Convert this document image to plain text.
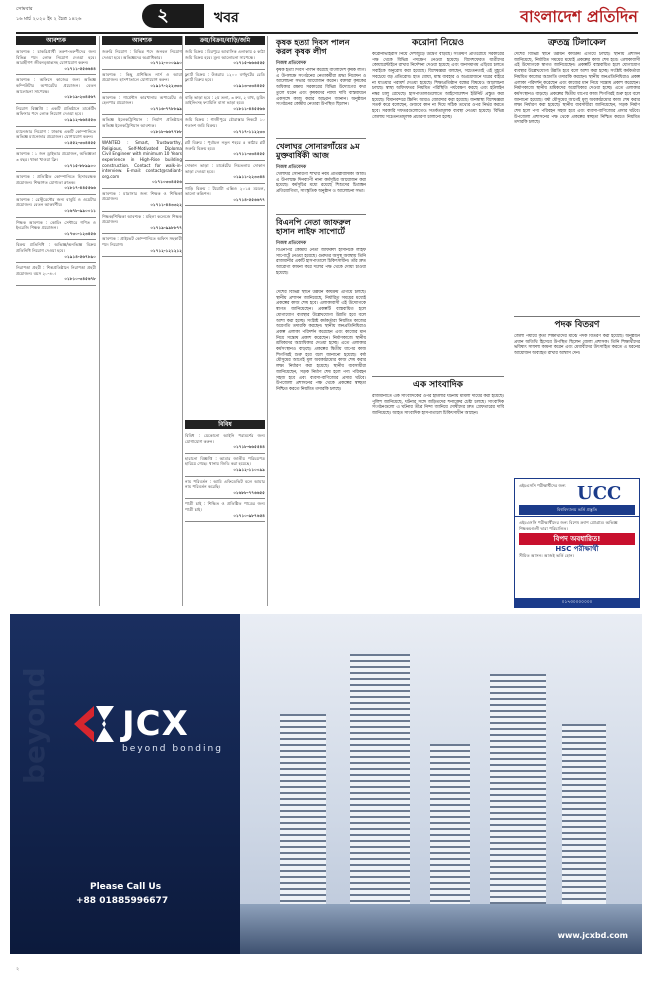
সোমবার
১৬ মার্চ ২০২০ ইং ২ চৈত্র ১৪২৬	২	খবর	বাংলাদেশ প্রতিদিন
আবশ্যক
আবশ্যক : চাকরিপ্রার্থী তরুণ-তরুণীদের জন্য বিভিন্ন পদে লোক নিয়োগ দেওয়া হবে। আগ্রহীগণ জীবনবৃত্তান্তসহ যোগাযোগ করুন।
০১৭১১-৫৫৬৬৪৪
আবশ্যক : অফিসে কাজের জন্য অভিজ্ঞ কম্পিউটার অপারেটর প্রয়োজন। বেতন আলোচনা সাপেক্ষে।
০১৮১৯-২৩৪৫৬৭
নিয়োগ বিজ্ঞপ্তি : একটি প্রতিষ্ঠানে মার্কেটিং অফিসার পদে লোক নিয়োগ দেওয়া হবে।
০১৯১২-৬৬৪৫৫৩
ম্যানেজার নিয়োগ : ঢাকাস্থ একটি কোম্পানিতে অভিজ্ঞ ম্যানেজার প্রয়োজন। যোগাযোগ করুন।
০১৫৫২-৩৩৪৪৫৫
আবশ্যক : ১ জন ড্রাইভার প্রয়োজন, অভিজ্ঞতা ৩ বছর। থাকা খাওয়া ফ্রি।
০১৭১৫-৮৮৯৯০০
আবশ্যক : প্রতিষ্ঠিত কোম্পানিতে হিসাবরক্ষক প্রয়োজন। শিক্ষাগত যোগ্যতা স্নাতক।
০১৮১৭-৪৪৫৫৬৬
আবশ্যক : রেস্টুরেন্টের জন্য বাবুর্চি ও ওয়েটার প্রয়োজন। বেতন আকর্ষণীয়।
০১৬৭৮-৯৯০০১১
শিক্ষক আবশ্যক : কোচিং সেন্টারে গণিত ও ইংরেজি শিক্ষক প্রয়োজন।
০১৭৩০-১২৩৪৫৬
বিক্রয় প্রতিনিধি : অভিজ্ঞ/অনভিজ্ঞ বিক্রয় প্রতিনিধি নিয়োগ দেওয়া হবে।
০১৯১৪-৫৬৭৮৯০
নিরাপত্তা প্রহরী : শিল্পপ্রতিষ্ঠানে নিরাপত্তা প্রহরী প্রয়োজন। বয়স ২০-৪০।
০১৮১০-৩৪৫৬৭৮
আবশ্যক
জরুরি নিয়োগ : বিভিন্ন পদে জনবল নিয়োগ দেওয়া হবে। অভিজ্ঞদের অগ্রাধিকার।
০১৭১২-০০০৯৯০
আবশ্যক : কিছু প্রশিক্ষিত নার্স ও আয়া প্রয়োজন। হাসপাতালে যোগাযোগ করুন।
০১৯১৭-২২২৩৩৩
আবশ্যক : গার্মেন্টস কারখানায় অপারেটর ও হেলপার প্রয়োজন।
০১৭১৬-৭৭৮৮৯৯
অভিজ্ঞ ইলেকট্রিশিয়ান : নির্মাণ প্রতিষ্ঠানে অভিজ্ঞ ইলেকট্রিশিয়ান আবশ্যক।
০১৮১৮-৬৬৭৭৮৮
WANTED : Smart, Trustworthy, Religious, Self-Motivated Diploma Civil Engineer with minimum 10 Years experience in High-Rise building construction. Contact for walk-in-interview. E-mail: contact@radiant-org.com
০১৭১০৩৩৪৫৫৬
আবশ্যক : মাদ্রাসার জন্য শিক্ষক ও শিক্ষিকা প্রয়োজন।
০১৭১১-৪৪৩৩২২
শিক্ষক/শিক্ষিকা আবশ্যক : মহিলা কলেজে শিক্ষক প্রয়োজন।
০১৭১৯-৯৯৮৮৭৭
আবশ্যক : প্রাইভেট কোম্পানিতে অফিস সহকারী পদে নিয়োগ।
০১৭১২-১২১২১২
ক্রয়/বিক্রয়/বাড়ি/জমি
জমি বিক্রয় : মিরপুরে আবাসিক এলাকায় ৫ কাঠা জমি বিক্রয় হবে। মূল্য আলোচনা সাপেক্ষে।
০১৭১৫-৬৬৬৫৫৫
ফ্ল্যাট বিক্রয় : উত্তরায় ১২০০ বর্গফুটের রেডি ফ্ল্যাট বিক্রয় হবে।
০১৯১৩-৩৩৪৪৫৫
বাড়ি ভাড়া হবে : ২য় তলা, ৩ রুম, ২ বাথ, ড্রয়িং ডাইনিংসহ ফ্যামিলি বাসা ভাড়া হবে।
০১৮১১-৪৪৫৫৬৬
জমি বিক্রয় : গাজীপুরে চৌরাস্তার নিকটে ১০ শতাংশ জমি বিক্রয়।
০১৭১৭-১১২২৩৩
প্লট বিক্রয় : পূর্বাচল নতুন শহরে ৫ কাঠার প্লট জরুরি বিক্রয় হবে।
০১৭১১-৩৩৪৪৫৫
দোকান ভাড়া : মার্কেটের নিচতলায় দোকান ভাড়া দেওয়া হবে।
০১৯১১-২২৩৩৪৪
গাড়ি বিক্রয় : টয়োটা এক্সিও ২০১৫ মডেল, ভালো কন্ডিশন।
০১৭১৪-৫৫৬৬৭৭
বিবিধ
বিবিধ : যেকোনো আইনি পরামর্শের জন্য যোগাযোগ করুন।
০১৭১৮-৬৬৫৫৪৪
হারানো বিজ্ঞপ্তি : আমার জাতীয় পরিচয়পত্র হারিয়ে গেছে। থানায় জিডি করা হয়েছে।
০১৯১২-১১০০৯৯
নাম পরিবর্তন : আমি এফিডেভিট বলে আমার নাম পরিবর্তন করেছি।
০১৬৮৮-৭৭৬৬৫৫
পাত্রী চাই : শিক্ষিত ও প্রতিষ্ঠিত পাত্রের জন্য পাত্রী চাই।
০১৭১০-৯৮৭৬৫৪
কৃষক হত্যা দিবস পালন করল কৃষক লীগ
নিজস্ব প্রতিবেদক
কৃষক হত্যা দিবস পালন করেছে বাংলাদেশ কৃষক লীগ। এ উপলক্ষে সংগঠনের নেতাকর্মীরা শ্রদ্ধা নিবেদন ও আলোচনা সভার আয়োজন করেন। বক্তারা কৃষকের অধিকার রক্ষায় সরকারের বিভিন্ন উদ্যোগের কথা তুলে ধরেন এবং কৃষকদের ন্যায্য দাবি বাস্তবায়নে একসঙ্গে কাজ করার আহ্বান জানান। অনুষ্ঠানে সংগঠনের কেন্দ্রীয় নেতারা উপস্থিত ছিলেন।
খেলাঘর সোনারগাঁয়ের ৯ম মুক্তবার্ষিকী আজ
নিজস্ব প্রতিবেদক
খেলাঘর সোনারগাঁ শাখার নবম প্রতিষ্ঠাবার্ষিকী আজ। এ উপলক্ষে দিনব্যাপী নানা কর্মসূচির আয়োজন করা হয়েছে। কর্মসূচির মধ্যে রয়েছে শিশুদের চিত্রাঙ্কন প্রতিযোগিতা, সাংস্কৃতিক অনুষ্ঠান ও আলোচনা সভা।
বিএনপি নেতা জাফরুল হাসান লাইফ সাপোর্টে
নিজস্ব প্রতিবেদক
বিএনপির কেন্দ্রীয় নেতা জাফরুল হাসানকে লাইফ সাপোর্টে নেওয়া হয়েছে। গুরুতর অসুস্থ অবস্থায় তিনি রাজধানীর একটি হাসপাতালে চিকিৎসাধীন। তাঁর দ্রুত আরোগ্য কামনা করে দলের পক্ষ থেকে দোয়া চাওয়া হয়েছে।
দেশের বিভিন্ন স্থানে উন্নয়ন কার্যক্রম এগিয়ে চলছে। স্থানীয় প্রশাসন জানিয়েছে, নির্ধারিত সময়ের মধ্যেই প্রকল্পের কাজ শেষ হবে। এলাকাবাসী এই উদ্যোগকে স্বাগত জানিয়েছেন। প্রকল্পটি বাস্তবায়িত হলে যোগাযোগ ব্যবস্থার উল্লেখযোগ্য উন্নতি হবে বলে আশা করা হচ্ছে। সংশ্লিষ্ট কর্মকর্তারা নিয়মিত কাজের অগ্রগতি তদারকি করছেন। স্থানীয় জনপ্রতিনিধিরাও প্রকল্প এলাকা পরিদর্শন করেছেন এবং কাজের মান নিয়ে সন্তোষ প্রকাশ করেছেন। নির্মাণকাজে স্থানীয় শ্রমিকদের অগ্রাধিকার দেওয়া হচ্ছে। এতে এলাকার কর্মসংস্থানও বাড়ছে। প্রকল্পের দ্বিতীয় ধাপের কাজ শিগগিরই শুরু হবে বলে জানানো হয়েছে। বর্ষা মৌসুমের আগেই মূল অবকাঠামোর কাজ শেষ করার লক্ষ্য নির্ধারণ করা হয়েছে। স্থানীয় ব্যবসায়ীরা জানিয়েছেন, সড়ক নির্মাণ শেষ হলে পণ্য পরিবহন সহজ হবে এবং ব্যবসা-বাণিজ্যের প্রসার ঘটবে। উপজেলা প্রশাসনের পক্ষ থেকে প্রকল্পের স্বচ্ছতা নিশ্চিত করতে নিয়মিত তদারকি চলছে।
করোনা নিয়েও
করোনাভাইরাস নিয়ে দেশজুড়ে উদ্বেগ বাড়ছে। সংক্রমণ প্রতিরোধে সরকারের পক্ষ থেকে বিভিন্ন পদক্ষেপ নেওয়া হয়েছে। বিদেশফেরত যাত্রীদের কোয়ারেন্টাইনে রাখার নির্দেশনা দেওয়া হয়েছে এবং জনসমাগম এড়িয়ে চলতে সবাইকে অনুরোধ করা হয়েছে। বিশেষজ্ঞরা বলছেন, সচেতনতাই এই মুহূর্তে সবচেয়ে বড় প্রতিরোধ। হাত ধোয়া, মাস্ক ব্যবহার ও অপ্রয়োজনে ঘরের বাইরে না যাওয়ার পরামর্শ দেওয়া হয়েছে। শিক্ষাপ্রতিষ্ঠান বন্ধের বিষয়েও আলোচনা চলছে। স্বাস্থ্য অধিদফতর নিয়মিত পরিস্থিতি পর্যবেক্ষণ করছে এবং হটলাইন নম্বর চালু রেখেছে। হাসপাতালগুলোতে আইসোলেশন ইউনিট প্রস্তুত করা হয়েছে। বিমানবন্দরে স্ক্রিনিং আরও জোরদার করা হয়েছে। জনস্বাস্থ্য বিশেষজ্ঞরা সতর্ক করে বলেছেন, গুজবে কান না দিয়ে সঠিক তথ্যের ওপর নির্ভর করতে হবে। সরকারি দফতরগুলোতেও সতর্কতামূলক ব্যবস্থা নেওয়া হয়েছে। বিভিন্ন জেলায় সচেতনতামূলক প্রচারণা চালানো হচ্ছে।
এক সাংবাদিক
রাজধানীতে এক সাংবাদিকের ওপর হামলার ঘটনায় মামলা দায়ের করা হয়েছে। পুলিশ জানিয়েছে, ঘটনার সঙ্গে জড়িতদের শনাক্তের চেষ্টা চলছে। সাংবাদিক সংগঠনগুলো এ ঘটনার তীব্র নিন্দা জানিয়ে দোষীদের দ্রুত গ্রেফতারের দাবি জানিয়েছে। আহত সাংবাদিক হাসপাতালে চিকিৎসাধীন আছেন।
ত্রুতন্ত্র টিলাকেল
দেশের বিভিন্ন স্থানে উন্নয়ন কার্যক্রম এগিয়ে চলছে। স্থানীয় প্রশাসন জানিয়েছে, নির্ধারিত সময়ের মধ্যেই প্রকল্পের কাজ শেষ হবে। এলাকাবাসী এই উদ্যোগকে স্বাগত জানিয়েছেন। প্রকল্পটি বাস্তবায়িত হলে যোগাযোগ ব্যবস্থার উল্লেখযোগ্য উন্নতি হবে বলে আশা করা হচ্ছে। সংশ্লিষ্ট কর্মকর্তারা নিয়মিত কাজের অগ্রগতি তদারকি করছেন। স্থানীয় জনপ্রতিনিধিরাও প্রকল্প এলাকা পরিদর্শন করেছেন এবং কাজের মান নিয়ে সন্তোষ প্রকাশ করেছেন। নির্মাণকাজে স্থানীয় শ্রমিকদের অগ্রাধিকার দেওয়া হচ্ছে। এতে এলাকার কর্মসংস্থানও বাড়ছে। প্রকল্পের দ্বিতীয় ধাপের কাজ শিগগিরই শুরু হবে বলে জানানো হয়েছে। বর্ষা মৌসুমের আগেই মূল অবকাঠামোর কাজ শেষ করার লক্ষ্য নির্ধারণ করা হয়েছে। স্থানীয় ব্যবসায়ীরা জানিয়েছেন, সড়ক নির্মাণ শেষ হলে পণ্য পরিবহন সহজ হবে এবং ব্যবসা-বাণিজ্যের প্রসার ঘটবে। উপজেলা প্রশাসনের পক্ষ থেকে প্রকল্পের স্বচ্ছতা নিশ্চিত করতে নিয়মিত তদারকি চলছে।
পদক বিতরণ
জেলা পর্যায়ে কৃতী শিক্ষার্থীদের মাঝে পদক বিতরণ করা হয়েছে। অনুষ্ঠানে প্রধান অতিথি হিসেবে উপস্থিত ছিলেন জেলা প্রশাসক। তিনি শিক্ষার্থীদের ভবিষ্যৎ সাফল্য কামনা করেন এবং মেধাবীদের উৎসাহিত করতে এ ধরনের আয়োজন অব্যাহত রাখার আশ্বাস দেন।
এইচএসসি পরীক্ষার্থীদের জন্য UCC
বিশ্ববিদ্যালয় ভর্তি প্রস্তুতি
এইচএসসি পরীক্ষার্থীদের জন্য বিশেষ ক্র্যাশ প্রোগ্রাম। অভিজ্ঞ শিক্ষকমণ্ডলী দ্বারা পরিচালিত।
বিপদ অবধারিত!
HSC পরীক্ষার্থী
সীমিত আসন। আজই ভর্তি হোন।
০১৭৩০০০০০০০
beyond JCX
beyond bonding
Please Call Us
+88 01885996677
www.jcxbd.com
২
